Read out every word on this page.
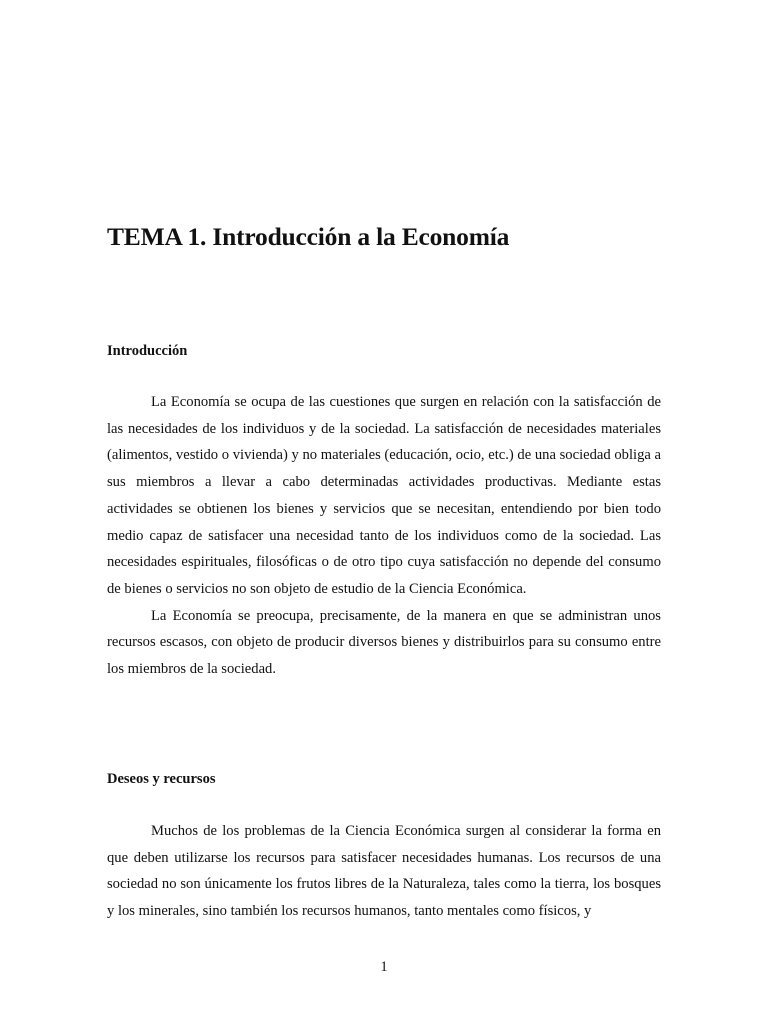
TEMA 1. Introducción a la Economía
Introducción

La Economía se ocupa de las cuestiones que surgen en relación con la satisfacción de las necesidades de los individuos y de la sociedad. La satisfacción de necesidades materiales (alimentos, vestido o vivienda) y no materiales (educación, ocio, etc.) de una sociedad obliga a sus miembros a llevar a cabo determinadas actividades productivas. Mediante estas actividades se obtienen los bienes y servicios que se necesitan, entendiendo por bien todo medio capaz de satisfacer una necesidad tanto de los individuos como de la sociedad. Las necesidades espirituales, filosóficas o de otro tipo cuya satisfacción no depende del consumo de bienes o servicios no son objeto de estudio de la Ciencia Económica.

La Economía se preocupa, precisamente, de la manera en que se administran unos recursos escasos, con objeto de producir diversos bienes y distribuirlos para su consumo entre los miembros de la sociedad.

Deseos y recursos

Muchos de los problemas de la Ciencia Económica surgen al considerar la forma en que deben utilizarse los recursos para satisfacer necesidades humanas. Los recursos de una sociedad no son únicamente los frutos libres de la Naturaleza, tales como la tierra, los bosques y los minerales, sino también los recursos humanos, tanto mentales como físicos, y

1
